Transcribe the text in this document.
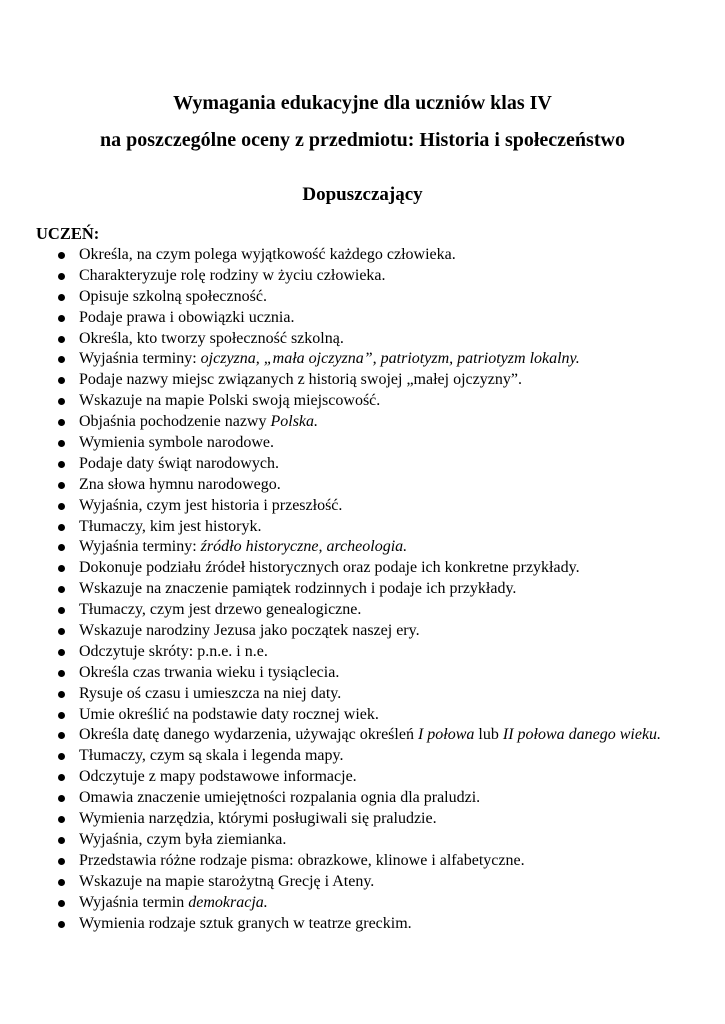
Wymagania edukacyjne dla uczniów klas IV
na poszczególne oceny z przedmiotu: Historia i społeczeństwo
Dopuszczający

UCZEŃ:

Określa, na czym polega wyjątkowość każdego człowieka.
Charakteryzuje rolę rodziny w życiu człowieka.
Opisuje szkolną społeczność.
Podaje prawa i obowiązki ucznia.
Określa, kto tworzy społeczność szkolną.
Wyjaśnia terminy: ojczyzna, „mała ojczyzna”, patriotyzm, patriotyzm lokalny.
Podaje nazwy miejsc związanych z historią swojej „małej ojczyzny”.
Wskazuje na mapie Polski swoją miejscowość.
Objaśnia pochodzenie nazwy Polska.
Wymienia symbole narodowe.
Podaje daty świąt narodowych.
Zna słowa hymnu narodowego.
Wyjaśnia, czym jest historia i przeszłość.
Tłumaczy, kim jest historyk.
Wyjaśnia terminy: źródło historyczne, archeologia.
Dokonuje podziału źródeł historycznych oraz podaje ich konkretne przykłady.
Wskazuje na znaczenie pamiątek rodzinnych i podaje ich przykłady.
Tłumaczy, czym jest drzewo genealogiczne.
Wskazuje narodziny Jezusa jako początek naszej ery.
Odczytuje skróty: p.n.e. i n.e.
Określa czas trwania wieku i tysiąclecia.
Rysuje oś czasu i umieszcza na niej daty.
Umie określić na podstawie daty rocznej wiek.
Określa datę danego wydarzenia, używając określeń I połowa lub II połowa danego wieku.
Tłumaczy, czym są skala i legenda mapy.
Odczytuje z mapy podstawowe informacje.
Omawia znaczenie umiejętności rozpalania ognia dla praludzi.
Wymienia narzędzia, którymi posługiwali się praludzie.
Wyjaśnia, czym była ziemianka.
Przedstawia różne rodzaje pisma: obrazkowe, klinowe i alfabetyczne.
Wskazuje na mapie starożytną Grecję i Ateny.
Wyjaśnia termin demokracja.
Wymienia rodzaje sztuk granych w teatrze greckim.
